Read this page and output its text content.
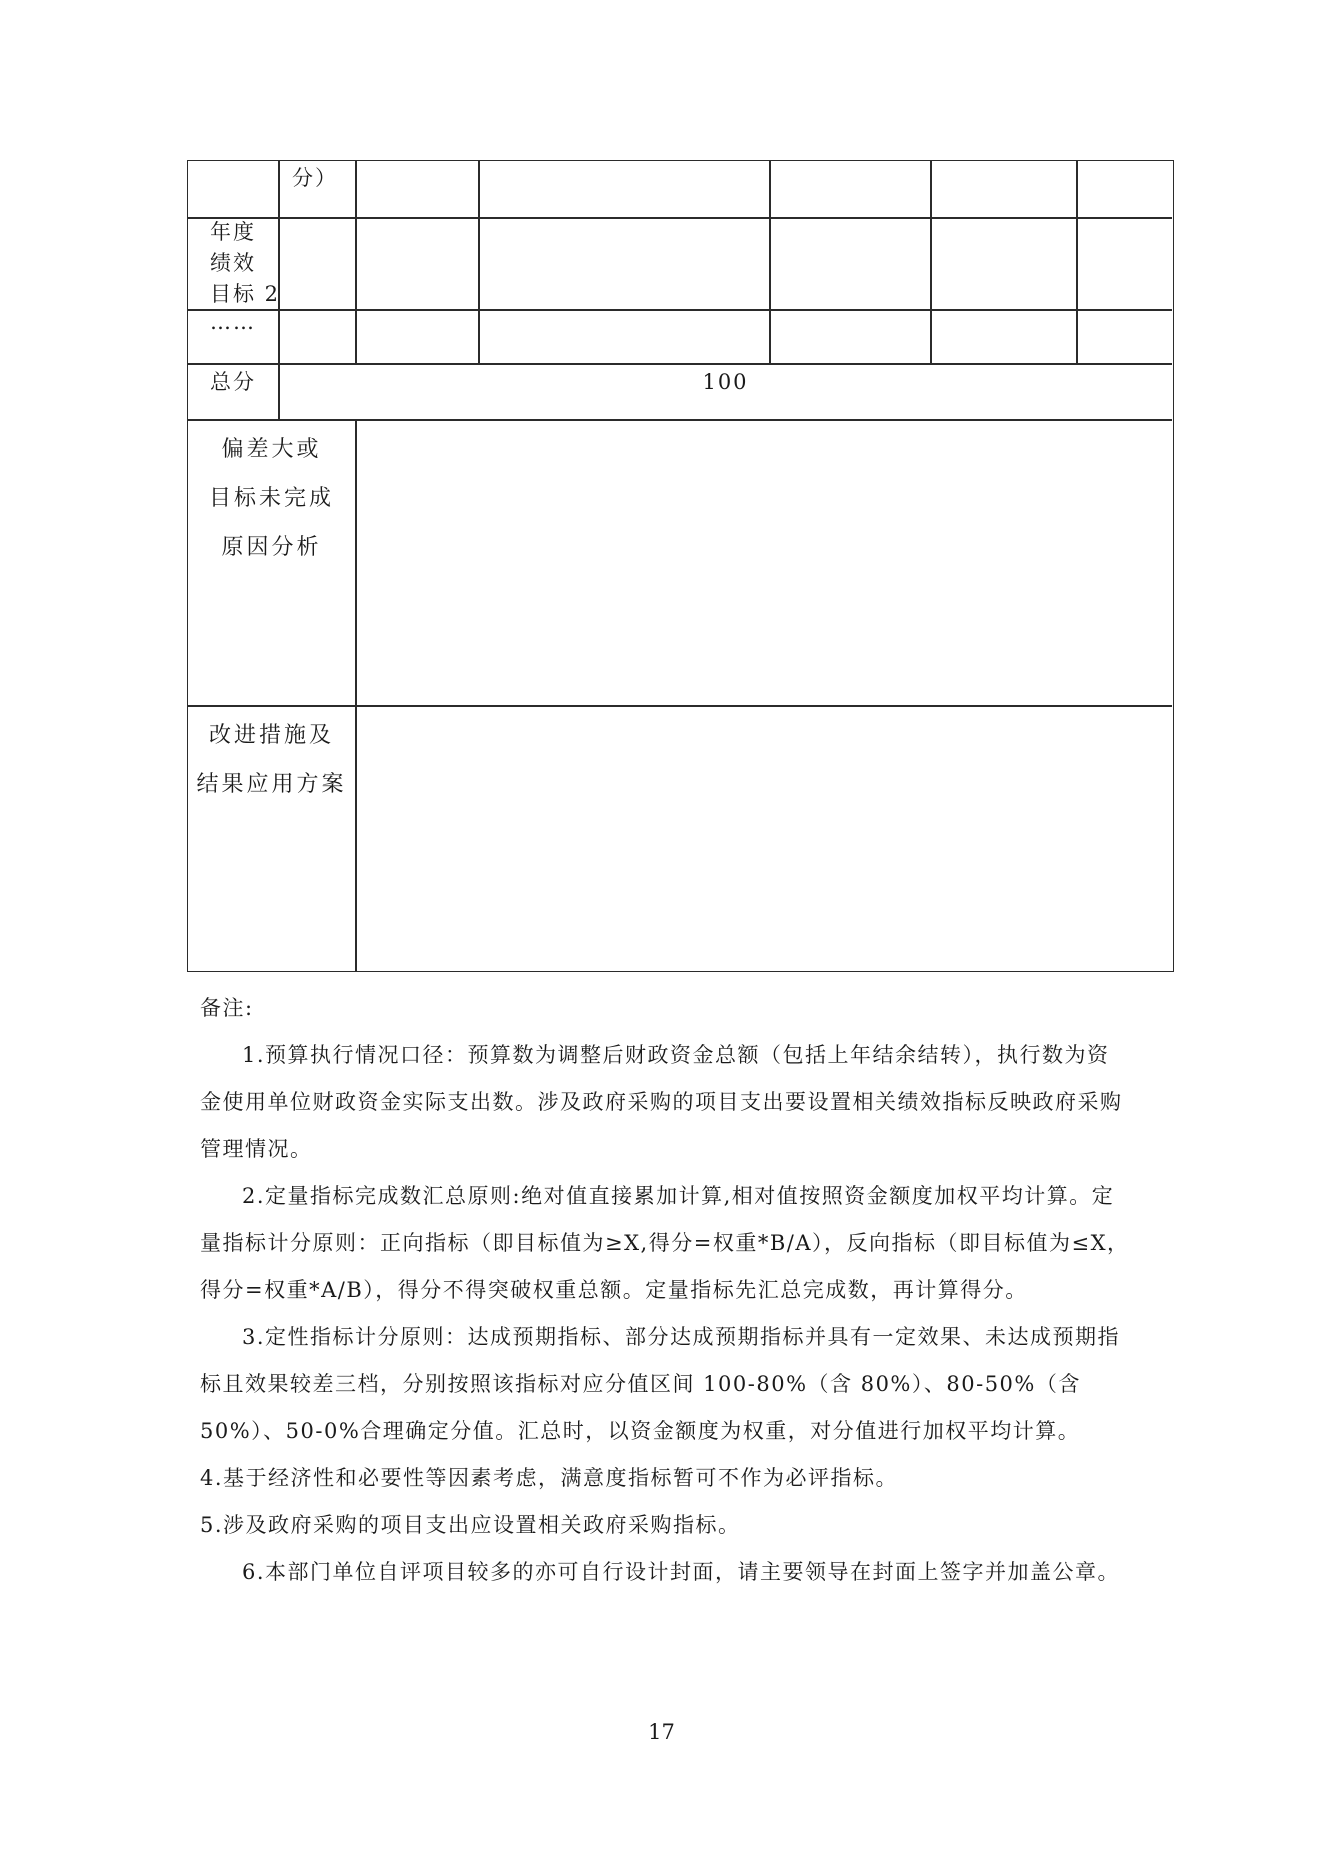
分）
年度
绩效
目标 2
……
总分	100
偏差大或
目标未完成
原因分析
改进措施及
结果应用方案

备注:

1.预算执行情况口径：预算数为调整后财政资金总额（包括上年结余结转），执行数为资金使用单位财政资金实际支出数。涉及政府采购的项目支出要设置相关绩效指标反映政府采购管理情况。

2.定量指标完成数汇总原则:绝对值直接累加计算,相对值按照资金额度加权平均计算。定量指标计分原则：正向指标（即目标值为≥X,得分=权重*B/A），反向指标（即目标值为≤X，得分=权重*A/B），得分不得突破权重总额。定量指标先汇总完成数，再计算得分。

3.定性指标计分原则：达成预期指标、部分达成预期指标并具有一定效果、未达成预期指标且效果较差三档，分别按照该指标对应分值区间 100-80%（含 80%）、80-50%（含 50%）、50-0%合理确定分值。汇总时，以资金额度为权重，对分值进行加权平均计算。

4.基于经济性和必要性等因素考虑，满意度指标暂可不作为必评指标。

5.涉及政府采购的项目支出应设置相关政府采购指标。

6.本部门单位自评项目较多的亦可自行设计封面，请主要领导在封面上签字并加盖公章。

17
